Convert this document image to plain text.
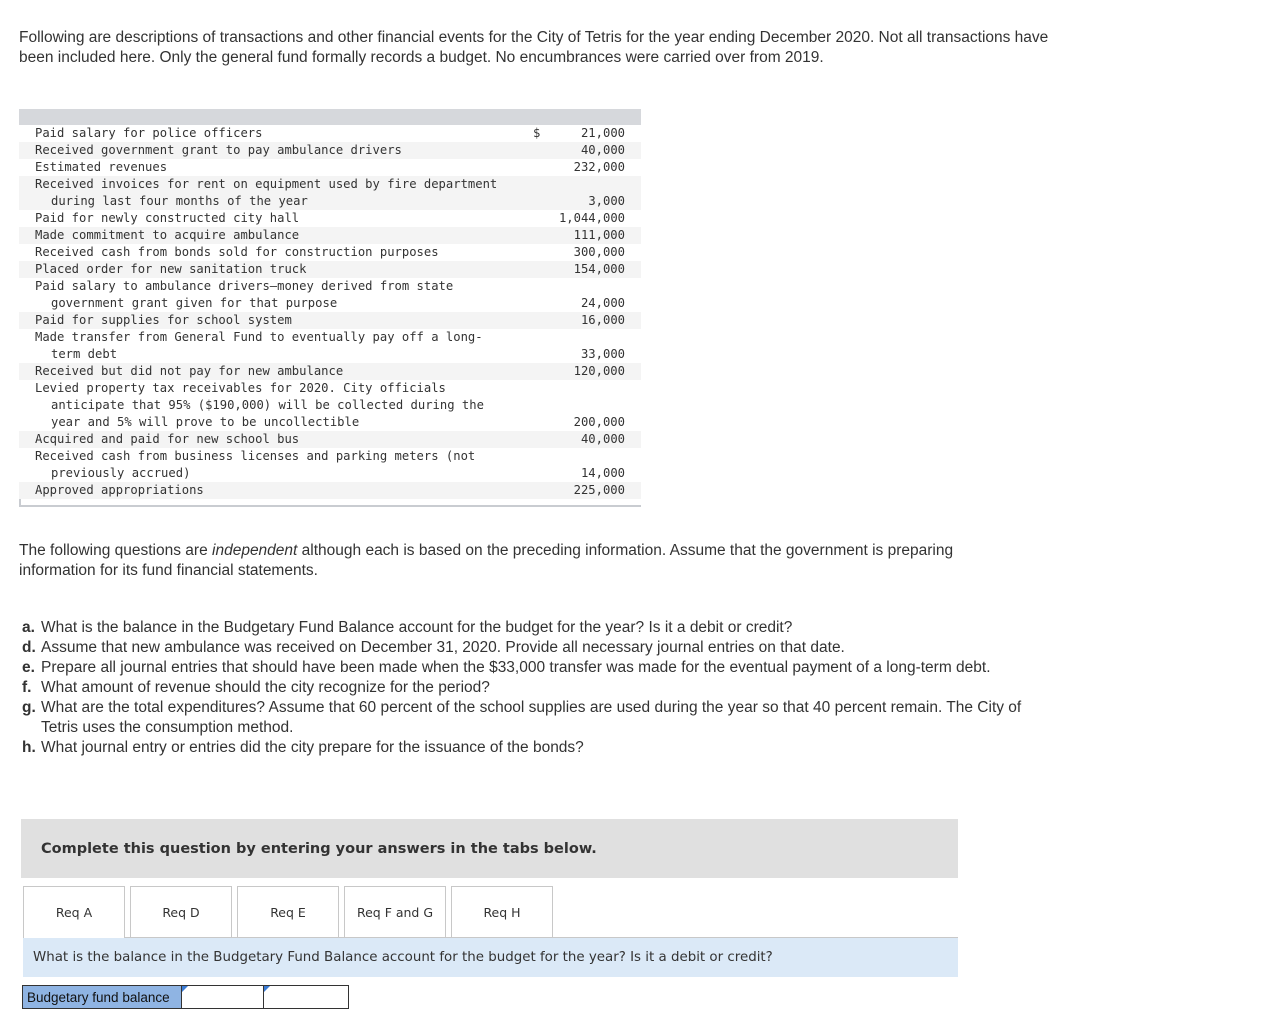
Following are descriptions of transactions and other financial events for the City of Tetris for the year ending December 2020. Not all transactions have been included here. Only the general fund formally records a budget. No encumbrances were carried over from 2019.

Paid salary for police officers	$	21,000
Received government grant to pay ambulance drivers	40,000
Estimated revenues	232,000
Received invoices for rent on equipment used by fire department
during last four months of the year	3,000
Paid for newly constructed city hall	1,044,000
Made commitment to acquire ambulance	111,000
Received cash from bonds sold for construction purposes	300,000
Placed order for new sanitation truck	154,000
Paid salary to ambulance drivers—money derived from state
government grant given for that purpose	24,000
Paid for supplies for school system	16,000
Made transfer from General Fund to eventually pay off a long-
term debt	33,000
Received but did not pay for new ambulance	120,000
Levied property tax receivables for 2020. City officials
anticipate that 95% ($190,000) will be collected during the
year and 5% will prove to be uncollectible	200,000
Acquired and paid for new school bus	40,000
Received cash from business licenses and parking meters (not
previously accrued)	14,000
Approved appropriations	225,000

The following questions are independent although each is based on the preceding information. Assume that the government is preparing information for its fund financial statements.

a. What is the balance in the Budgetary Fund Balance account for the budget for the year? Is it a debit or credit?
d. Assume that new ambulance was received on December 31, 2020. Provide all necessary journal entries on that date.
e. Prepare all journal entries that should have been made when the $33,000 transfer was made for the eventual payment of a long-term debt.
f. What amount of revenue should the city recognize for the period?
g. What are the total expenditures? Assume that 60 percent of the school supplies are used during the year so that 40 percent remain. The City of Tetris uses the consumption method.
h. What journal entry or entries did the city prepare for the issuance of the bonds?
Complete this question by entering your answers in the tabs below.
Req A	Req D	Req E	Req F and G	Req H
What is the balance in the Budgetary Fund Balance account for the budget for the year? Is it a debit or credit?
Budgetary fund balance
